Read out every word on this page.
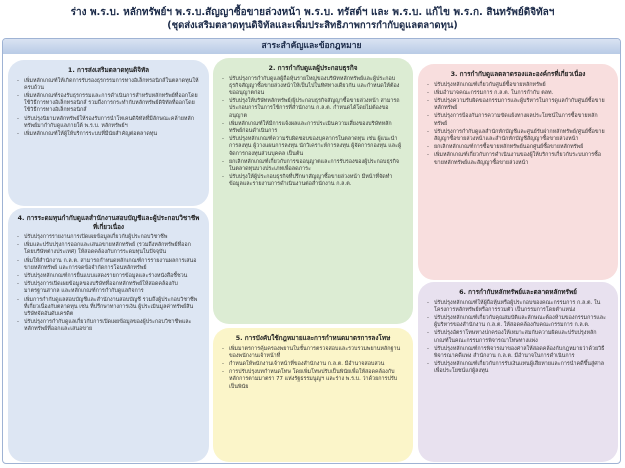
ร่าง พ.ร.บ. หลักทรัพย์ฯ พ.ร.บ.สัญญาซื้อขายล่วงหน้า พ.ร.บ. ทรัสต์ฯ และ พ.ร.บ. แก้ไข พ.ร.ก. สินทรัพย์ดิจิทัลฯ
(ชุดส่งเสริมตลาดทุนดิจิทัลและเพิ่มประสิทธิภาพการกำกับดูแลตลาดทุน)
สาระสำคัญและข้อกฎหมาย
1. การส่งเสริมตลาดทุนดิจิทัล
- เพิ่มหลักเกณฑ์ให้เกิดการรับรองธุรกรรมการทางอิเล็กทรอนิกส์ในตลาดทุนให้ครบถ้วน
- เพิ่มหลักเกณฑ์รองรับธุรกรรมและการดำเนินการสำหรับหลักทรัพย์ที่ออกโดยใช้วิธีการทางอิเล็กทรอนิกส์ รวมถึงการกระทำกับหลักทรัพย์ดิจิทัลที่ออกโดยใช้วิธีการทางอิเล็กทรอนิกส์
- ปรับปรุงนิยามหลักทรัพย์ให้รองรับการนำโทเคนดิจิทัลที่มีลักษณะคล้ายหลักทรัพย์มากำกับดูแลภายใต้ พ.ร.บ. หลักทรัพย์ฯ
- เพิ่มหลักเกณฑ์ให้ผู้ให้บริการระบบที่มีนัยสำคัญต่อตลาดทุน
4. การระดมทุนกำกับดูแลสำนักงานสอบบัญชีและผู้ประกอบวิชาชีพที่เกี่ยวเนื่อง
- ปรับปรุงการรายงานการเปิดเผยข้อมูลเกี่ยวกับผู้ประกอบวิชาชีพ
- เพิ่มและปรับปรุงการออกและเสนอขายหลักทรัพย์ (รวมถึงหลักทรัพย์ที่ออกโดยบริษัทต่างประเทศ) ให้สอดคล้องกับการระดมทุนในปัจจุบัน
- เพิ่มให้สำนักงาน ก.ล.ต. สามารถกำหนดหลักเกณฑ์การรายงานผลการเสนอขายหลักทรัพย์ และการจดข้อจำกัดการโอนหลักทรัพย์
- ปรับปรุงหลักเกณฑ์การยื่นแบบแสดงรายการข้อมูลและร่างหนังสือชี้ชวน
- ปรับปรุงการเปิดเผยข้อมูลของบริษัทที่ออกหลักทรัพย์ให้สอดคล้องกับมาตรฐานสากล และหลักเกณฑ์การกำกับดูแลกิจการ
- เพิ่มการกำกับดูแลสอบบัญชีและสำนักงานสอบบัญชี รวมถึงผู้ประกอบวิชาชีพที่เกี่ยวเนื่องกับตลาดทุน เช่น ที่ปรึกษาทางการเงิน ผู้ประเมินมูลค่าทรัพย์สิน บริษัทจัดอันดับเครดิต
- ปรับปรุงการกำกับดูแลเกี่ยวกับการเปิดเผยข้อมูลของผู้ประกอบวิชาชีพและหลักทรัพย์ที่ออกและเสนอขาย
2. การกำกับดูแลผู้ประกอบธุรกิจ
- ปรับปรุงการกำกับดูแลผู้ถือหุ้นรายใหญ่ของบริษัทหลักทรัพย์และผู้ประกอบธุรกิจสัญญาซื้อขายล่วงหน้าให้เป็นไปในทิศทางเดียวกัน และกำหนดให้ต้องขออนุญาตก่อน
- ปรับปรุงให้บริษัทหลักทรัพย์/ผู้ประกอบธุรกิจสัญญาซื้อขายล่วงหน้า สามารถประกอบการในการใช้การที่สำนักงาน ก.ล.ต. กำหนดได้โดยไม่ต้องขออนุญาต
- เพิ่มหลักเกณฑ์ให้มีการแจ้งผลและการประเมินความเสี่ยงของบริษัทหลักทรัพย์ก่อนดำเนินการ
- ปรับปรุงหลักเกณฑ์ความรับผิดชอบของบุคลากรในตลาดทุน เช่น ผู้แนะนำการลงทุน ผู้วางแผนการลงทุน นักวิเคราะห์การลงทุน ผู้จัดการกองทุน และผู้จัดการกองทุนส่วนบุคคล เป็นต้น
- ยกเลิกหลักเกณฑ์เกี่ยวกับการขออนุญาตและการรับรองของผู้ประกอบธุรกิจในตลาดทุนบางประเภทเพื่อลดภาระ
- ปรับปรุงให้ผู้ประกอบธุรกิจที่ปรึกษาสัญญาซื้อขายล่วงหน้า มีหน้าที่จัดทำข้อมูลและรายงานการดำเนินงานต่อสำนักงาน ก.ล.ต.
5. การบังคับใช้กฎหมายและการกำหนดมาตรการลงโทษ
- เพิ่มมาตรการคุ้มครองพยานในชั้นการตรวจสอบและรวบรวมพยานหลักฐานของพนักงานเจ้าหน้าที่
- กำหนดให้พนักงานเจ้าหน้าที่ของสำนักงาน ก.ล.ต. มีอำนาจสอบสวน
- การปรับปรุงบทกำหนดโทษ โดยเพิ่มโทษปรับเป็นพินัยเพื่อให้สอดคล้องกับหลักการตามมาตรา 77 แห่งรัฐธรรมนูญฯ และร่าง พ.ร.บ. ว่าด้วยการปรับเป็นพินัย
3. การกำกับดูแลตลาดรองและองค์กรที่เกี่ยวเนื่อง
- ปรับปรุงหลักเกณฑ์เกี่ยวกับศูนย์ซื้อขายหลักทรัพย์
- เพิ่มอำนาจคณะกรรมการ ก.ล.ต. ในการกำกับ ตลท.
- ปรับปรุงความรับผิดของกรรมการและผู้บริหารในการดูแลกำกับศูนย์ซื้อขายหลักทรัพย์
- ปรับปรุงการป้องกันการความขัดแย้งทางผลประโยชน์ในการซื้อขายหลักทรัพย์
- ปรับปรุงการกำกับดูแลสำนักหักบัญชีและศูนย์รับฝากหลักทรัพย์/ศูนย์ซื้อขายสัญญาซื้อขายล่วงหน้าและสำนักหักบัญชีสัญญาซื้อขายล่วงหน้า
- ยกเลิกหลักเกณฑ์การซื้อขายหลักทรัพย์นอกศูนย์ซื้อขายหลักทรัพย์
- เพิ่มหลักเกณฑ์เกี่ยวกับการดำเนินงานของผู้ให้บริการเกี่ยวกับระบบการซื้อขายหลักทรัพย์และสัญญาซื้อขายล่วงหน้า
6. การกำกับหลักทรัพย์และตลาดหลักทรัพย์
- ปรับปรุงหลักเกณฑ์ให้ผู้ถือหุ้นหรือผู้ประกอบของคณะกรรมการ ก.ล.ต. ในโครงการหลักทรัพย์หรือการรวมตัว เป็นกรรมการโดยตำแหน่ง
- ปรับปรุงหลักเกณฑ์เกี่ยวกับคุณสมบัติและลักษณะต้องห้ามของกรรมการและผู้บริหารของสำนักงาน ก.ล.ต. ให้สอดคล้องกับคณะกรรมการ ก.ล.ต.
- ปรับปรุงอัตราโทษทางปกครองให้เหมาะสมกับความผิดและปรับปรุงหลักเกณฑ์ในคณะกรรมการพิจารณาโทษทางแพ่ง
- ปรับปรุงหลักเกณฑ์การพิจารณาของศาลให้สอดคล้องกับกฎหมายว่าด้วยวิธีพิจารณาคดีแพ่ง สำนักงาน ก.ล.ต. มีอำนาจในการดำเนินการ
- ปรับปรุงหลักเกณฑ์เกี่ยวกับการรับเงินแทนผู้เสียหายและการนำคดีขึ้นสู่ศาลเพื่อประโยชน์แก่ผู้ลงทุน
